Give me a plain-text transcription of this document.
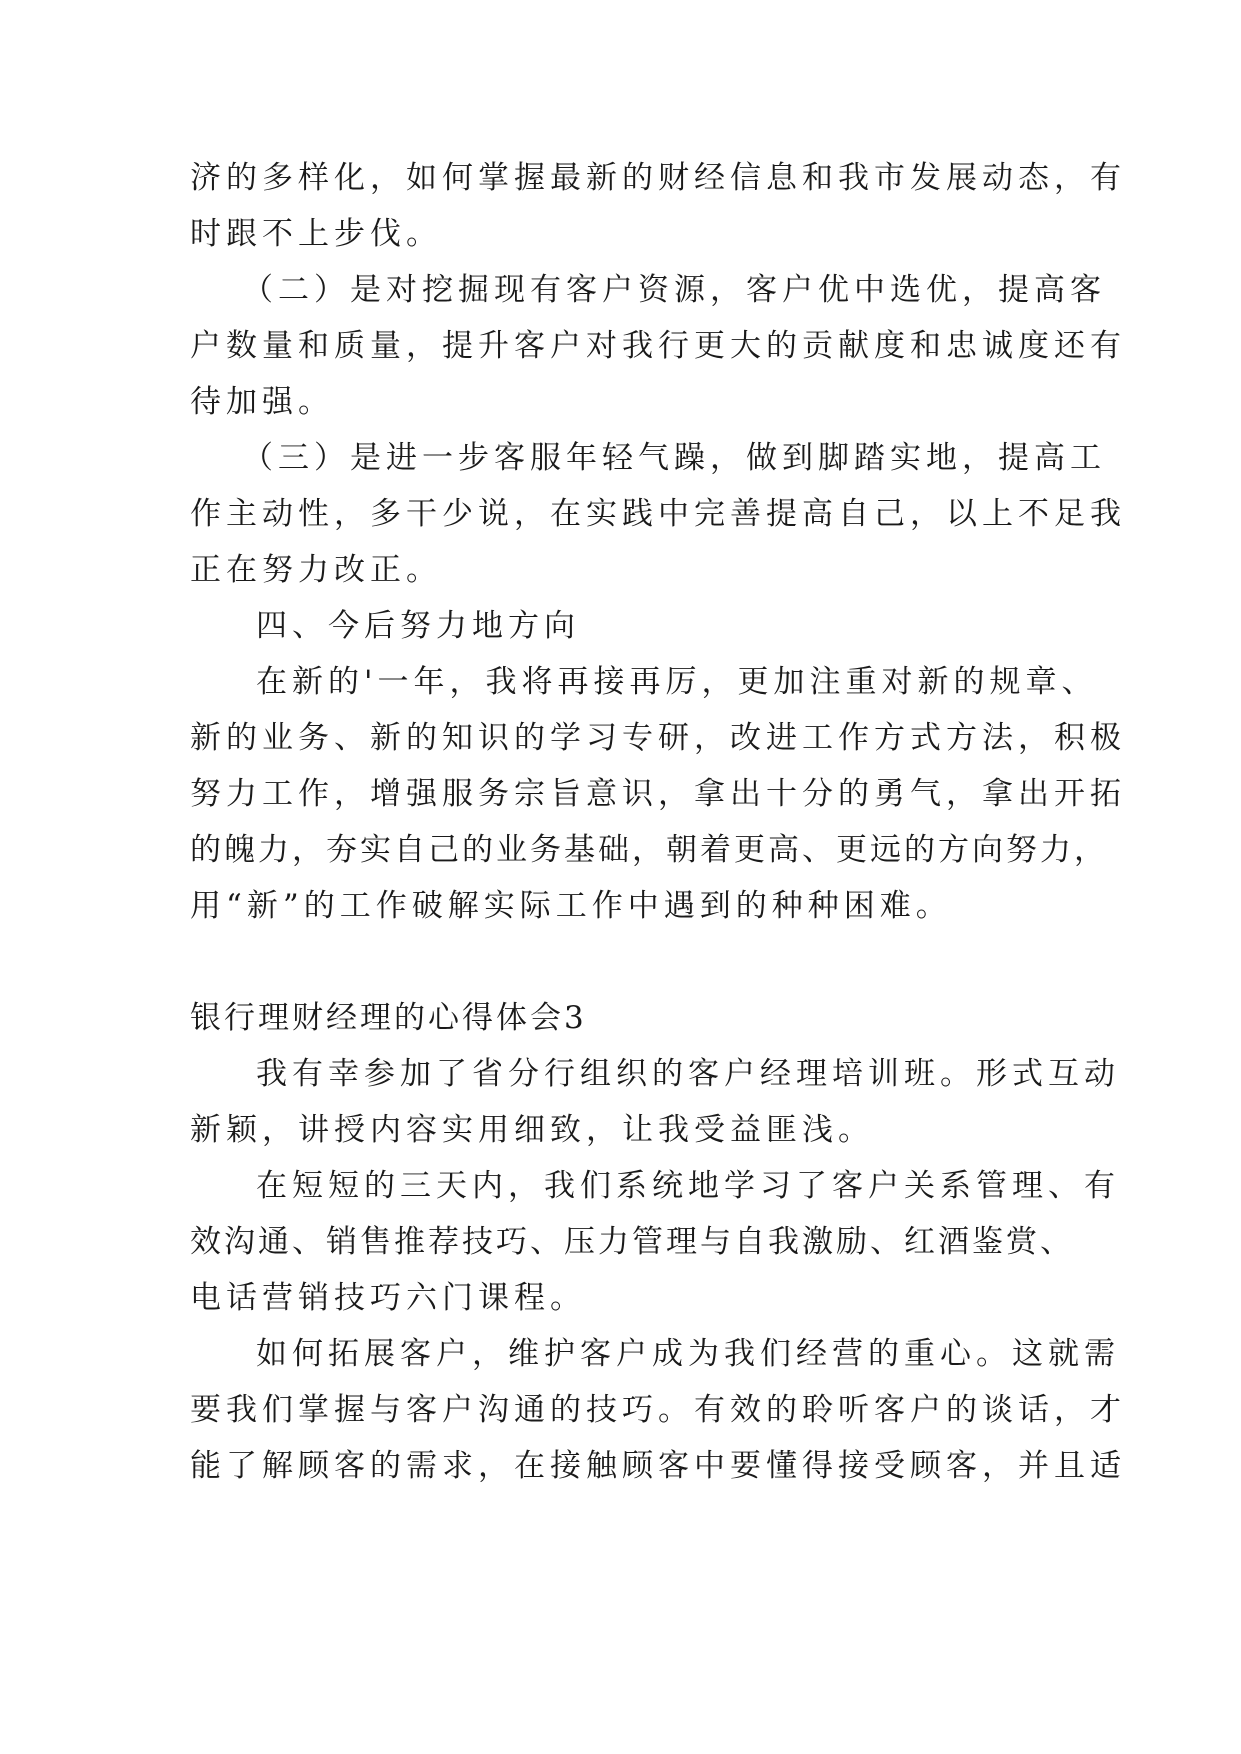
济的多样化，如何掌握最新的财经信息和我市发展动态，有
时跟不上步伐。
（二）是对挖掘现有客户资源，客户优中选优，提高客
户数量和质量，提升客户对我行更大的贡献度和忠诚度还有
待加强。
（三）是进一步客服年轻气躁，做到脚踏实地，提高工
作主动性，多干少说，在实践中完善提高自己，以上不足我
正在努力改正。
四、今后努力地方向
在新的'一年，我将再接再厉，更加注重对新的规章、
新的业务、新的知识的学习专研，改进工作方式方法，积极
努力工作，增强服务宗旨意识，拿出十分的勇气，拿出开拓
的魄力，夯实自己的业务基础，朝着更高、更远的方向努力，
用“新”的工作破解实际工作中遇到的种种困难。
银行理财经理的心得体会3
我有幸参加了省分行组织的客户经理培训班。形式互动
新颖，讲授内容实用细致，让我受益匪浅。
在短短的三天内，我们系统地学习了客户关系管理、有
效沟通、销售推荐技巧、压力管理与自我激励、红酒鉴赏、
电话营销技巧六门课程。
如何拓展客户，维护客户成为我们经营的重心。这就需
要我们掌握与客户沟通的技巧。有效的聆听客户的谈话，才
能了解顾客的需求，在接触顾客中要懂得接受顾客，并且适
